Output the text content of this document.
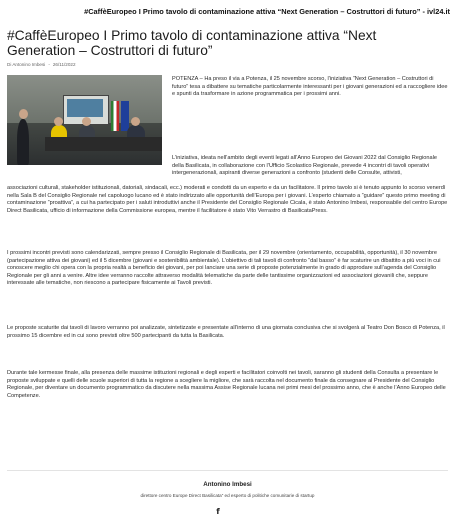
#CaffèEuropeo I Primo tavolo di contaminazione attiva “Next Generation – Costruttori di futuro” - ivl24.it
#CaffèEuropeo I Primo tavolo di contaminazione attiva “Next Generation – Costruttori di futuro”
Di Antonino Imbesi - 26/11/2022

POTENZA – Ha preso il via a Potenza, il 25 novembre scorso, l’iniziativa “Next Generation – Costruttori di futuro” tesa a dibattere su tematiche particolarmente interessanti per i giovani generazioni ed a raccogliere idee e spunti da trasformare in azione programmatica per i prossimi anni.

L’iniziativa, ideata nell’ambito degli eventi legati all’Anno Europeo dei Giovani 2022 dal Consiglio Regionale della Basilicata, in collaborazione con l’Ufficio Scolastico Regionale, prevede 4 incontri di tavoli operativi intergenerazionali, aspiranti diverse generazioni a confronto (studenti delle Consulte, attivisti,

associazioni culturali, stakeholder istituzionali, datoriali, sindacali, ecc.) moderati e condotti da un esperto e da un facilitatore. Il primo tavolo si è tenuto appunto lo scorso venerdì nella Sala B del Consiglio Regionale nel capoluogo lucano ed è stato indirizzato alle opportunità dell’Europa per i giovani. L’esperto chiamato a “guidare” questo primo meeting di contaminazione “proattiva”, a cui ha partecipato per i saluti introduttivi anche il Presidente del Consiglio Regionale Cicala, è stato Antonino Imbesi, responsabile del centro Europe Direct Basilicata, ufficio di informazione della Commissione europea, mentre il facilitatore è stato Vito Verrastro di BasilicataPress.

I prossimi incontri previsti sono calendarizzati, sempre presso il Consiglio Regionale di Basilicata, per il 29 novembre (orientamento, occupabilità, opportunità), il 30 novembre (partecipazione attiva dei giovani) ed il 5 dicembre (giovani e sostenibilità ambientale). L’obiettivo di tali tavoli di confronto “dal basso” è far scaturire un dibattito a più voci in cui conoscere meglio chi opera con la propria realtà a beneficio dei giovani, per poi lanciare una serie di proposte potenzialmente in grado di approdare sull’agenda del Consiglio Regionale per gli anni a venire. Altre idee verranno raccolte attraverso modalità telematiche da parte delle tantissime organizzazioni ed associazioni giovanili che, seppure interessate alle tematiche, non riescono a partecipare fisicamente ai Tavoli previsti.

Le proposte scaturite dai tavoli di lavoro verranno poi analizzate, sintetizzate e presentate all’interno di una giornata conclusiva che si svolgerà al Teatro Don Bosco di Potenza, il prossimo 15 dicembre ed in cui sono previsti oltre 500 partecipanti da tutta la Basilicata.

Durante tale kermesse finale, alla presenza delle massime istituzioni regionali e degli esperti e facilitatori coinvolti nei tavoli, saranno gli studenti della Consulta a presentare le proposte sviluppate e quelli delle scuole superiori di tutta la regione a scegliere la migliore, che sarà raccolta nel documento finale da consegnare al Presidente del Consiglio Regionale, per diventare un documento programmatico da discutere nella massima Assise Regionale lucana nei primi mesi del prossimo anno, che è anche l’Anno Europeo delle Competenze.

Antonino Imbesi
direttore centro Europe Direct Basilicata” ed esperto di politiche comunitarie di startup
f
